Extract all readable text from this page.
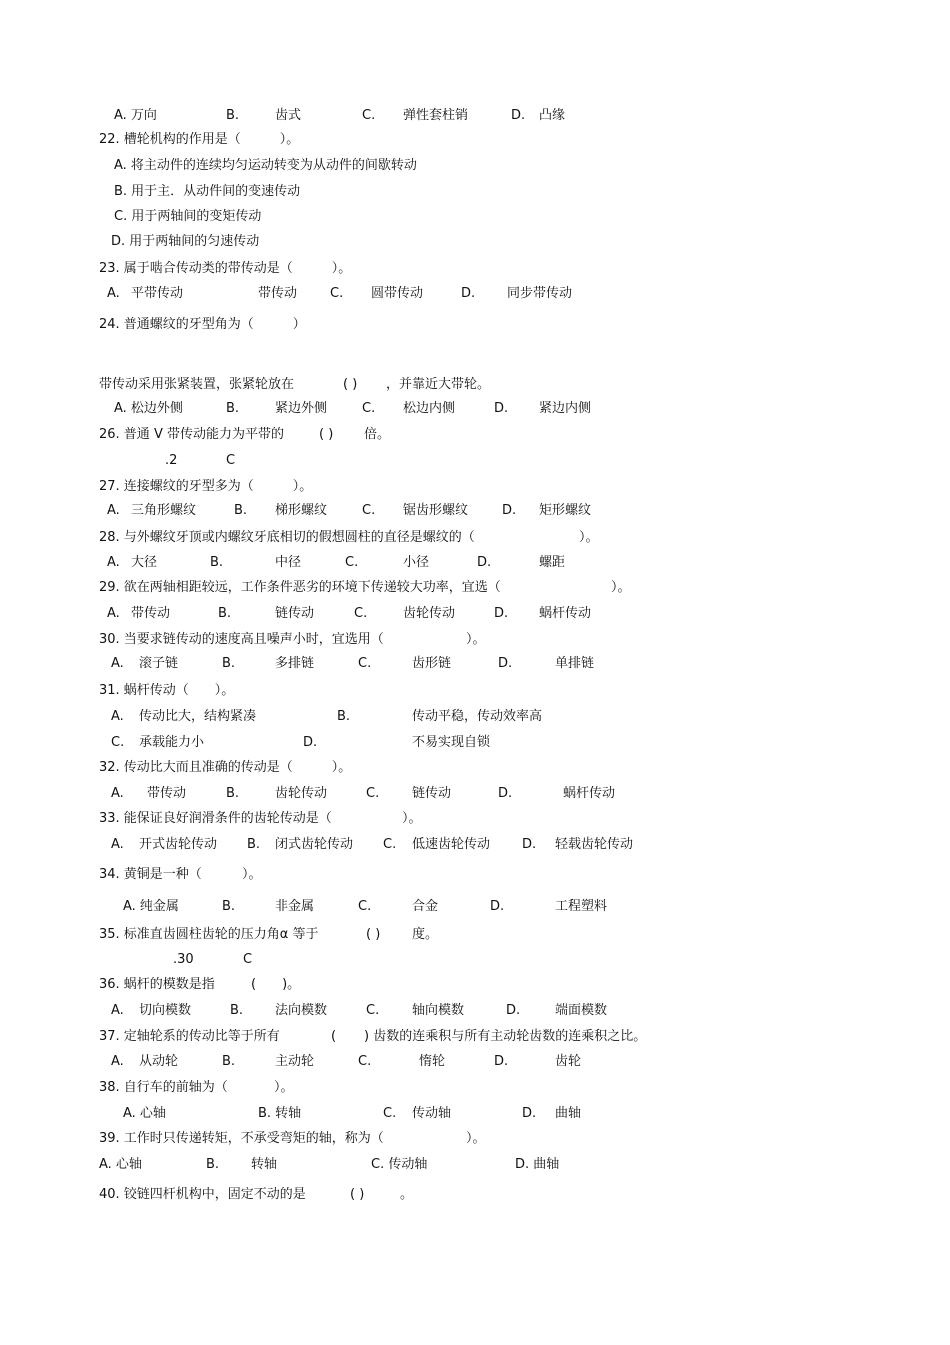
A. 万向	B.	齿式	C. 弹性套柱销	D. 凸缘
22. 槽轮机构的作用是（　　　）。
A. 将主动件的连续均匀运动转变为从动件的间歇转动
B. 用于主．从动件间的变速传动
C. 用于两轴间的变矩传动
D. 用于两轴间的匀速传动
23. 属于啮合传动类的带传动是（　　　）。
A. 平带传动	带传动	C. 圆带传动	D. 同步带传动
24. 普通螺纹的牙型角为（　　　）
带传动采用张紧装置，张紧轮放在	( ) ，并靠近大带轮。
A. 松边外侧	B.	紧边外侧	C. 松边内侧	D. 紧边内侧
26. 普通 V 带传动能力为平带的	( ) 倍。
.2	C
27. 连接螺纹的牙型多为（　　　）。
A. 三角形螺纹	B. 梯形螺纹	C. 锯齿形螺纹	D. 矩形螺纹
28. 与外螺纹牙顶或内螺纹牙底相切的假想圆柱的直径是螺纹的（	）。
A. 大径	B.	中径	C.	小径	D.	螺距
29. 欲在两轴相距较远，工作条件恶劣的环境下传递较大功率，宜选（	）。
A. 带传动	B.	链传动	C.	齿轮传动	D. 蜗杆传动
30. 当要求链传动的速度高且噪声小时，宜选用（	）。
A. 滚子链	B.	多排链	C.	齿形链	D.	单排链
31. 蜗杆传动（　　）。
A. 传动比大，结构紧凑	B.	传动平稳，传动效率高
C. 承载能力小	D.	不易实现自锁
32. 传动比大而且准确的传动是（　　　）。
A. 带传动	B.	齿轮传动	C.	链传动	D.	蜗杆传动
33. 能保证良好润滑条件的齿轮传动是（	）。
A. 开式齿轮传动 B. 闭式齿轮传动 C. 低速齿轮传动 D. 轻载齿轮传动
34. 黄铜是一种（	）。
A. 纯金属	B.	非金属	C.	合金	D.	工程塑料
35. 标准直齿圆柱齿轮的压力角α 等于	( ) 度。
.30	C
36. 蜗杆的模数是指	(　　)。
A. 切向模数	B. 法向模数	C.	轴向模数	D.	端面模数
37. 定轴轮系的传动比等于所有	( ) 齿数的连乘积与所有主动轮齿数的连乘积之比。
A. 从动轮	B.	主动轮	C.	惰轮	D.	齿轮
38. 自行车的前轴为（	）。
A. 心轴	B. 转轴	C. 传动轴	D. 曲轴
39. 工作时只传递转矩，不承受弯矩的轴，称为（	）。
A. 心轴	B. 转轴	C. 传动轴	D. 曲轴
40. 铰链四杆机构中，固定不动的是	( )	。
